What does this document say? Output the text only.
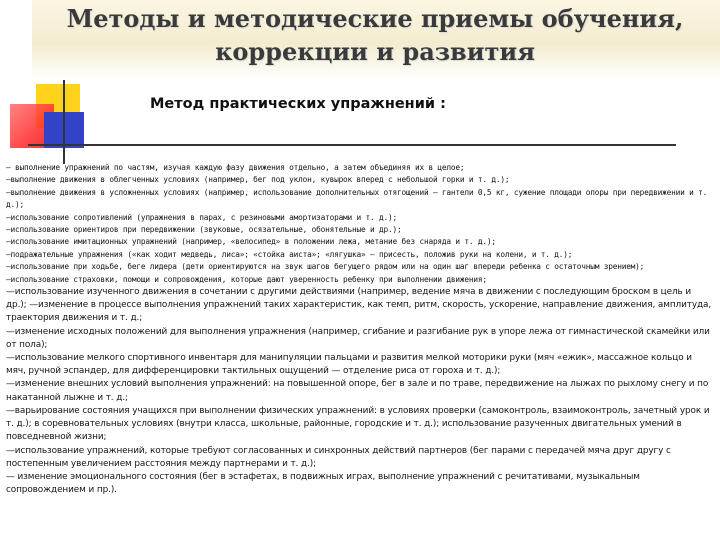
Методы и методические приемы обучения,
коррекции и развития
Метод практических упражнений :

— выполнение упражнений по частям, изучая каждую фазу движения отдельно, а затем объединяя их в целое;

—выполнение движения в облегченных условиях (например, бег под уклон, кувырок вперед с небольшой горки и т. д.);

—выполнение движения в усложненных условиях (например, использование дополнительных отягощений — гантели 0,5 кг, сужение площади опоры при передвижении и т. д.);

—использование сопротивлений (упражнения в парах, с резиновыми амортизаторами и т. д.);

—использование ориентиров при передвижении (звуковые, осязательные, обонятельные и др.);

—использование имитационных упражнений (например, «велосипед» в положении лежа, метание без снаряда и т. д.);

—подражательные упражнения («как ходит медведь, лиса»; «стойка аиста»; «лягушка» — присесть, положив руки на колени, и т. д.);

—использование при ходьбе, беге лидера (дети ориентируются на звук шагов бегущего рядом или на один шаг впереди ребенка с остаточным зрением);

—использование страховки, помощи и сопровождения, которые дают уверенность ребенку при выполнении движения;

—использование изученного движения в сочетании с другими действиями (например, ведение мяча в движении с последующим броском в цель и др.); —изменение в процессе выполнения упражнений таких характеристик, как темп, ритм, скорость, ускорение, направление движения, амплитуда, траектория движения и т. д.;

—изменение исходных положений для выполнения упражнения (например, сгибание и разгибание рук в упоре лежа от гимнастической скамейки или от пола);

—использование мелкого спортивного инвентаря для манипуляции пальцами и развития мелкой моторики руки (мяч «ежик», массажное кольцо и мяч, ручной эспандер, для дифференцировки тактильных ощущений — отделение риса от гороха и т. д.);

—изменение внешних условий выполнения упражнений: на повышенной опоре, бег в зале и по траве, передвижение на лыжах по рыхлому снегу и по накатанной лыжне и т. д.;

—варьирование состояния учащихся при выполнении физических упражнений: в условиях проверки (самоконтроль, взаимоконтроль, зачетный урок и т. д.); в соревновательных условиях (внутри класса, школьные, районные, городские и т. д.); использование разученных двигательных умений в повседневной жизни;

—использование упражнений, которые требуют согласованных и синхронных действий партнеров (бег парами с передачей мяча друг другу с постепенным увеличением расстояния между партнерами и т. д.);

— изменение эмоционального состояния (бег в эстафетах, в подвижных играх, выполнение упражнений с речитативами, музыкальным сопровождением и пр.).
